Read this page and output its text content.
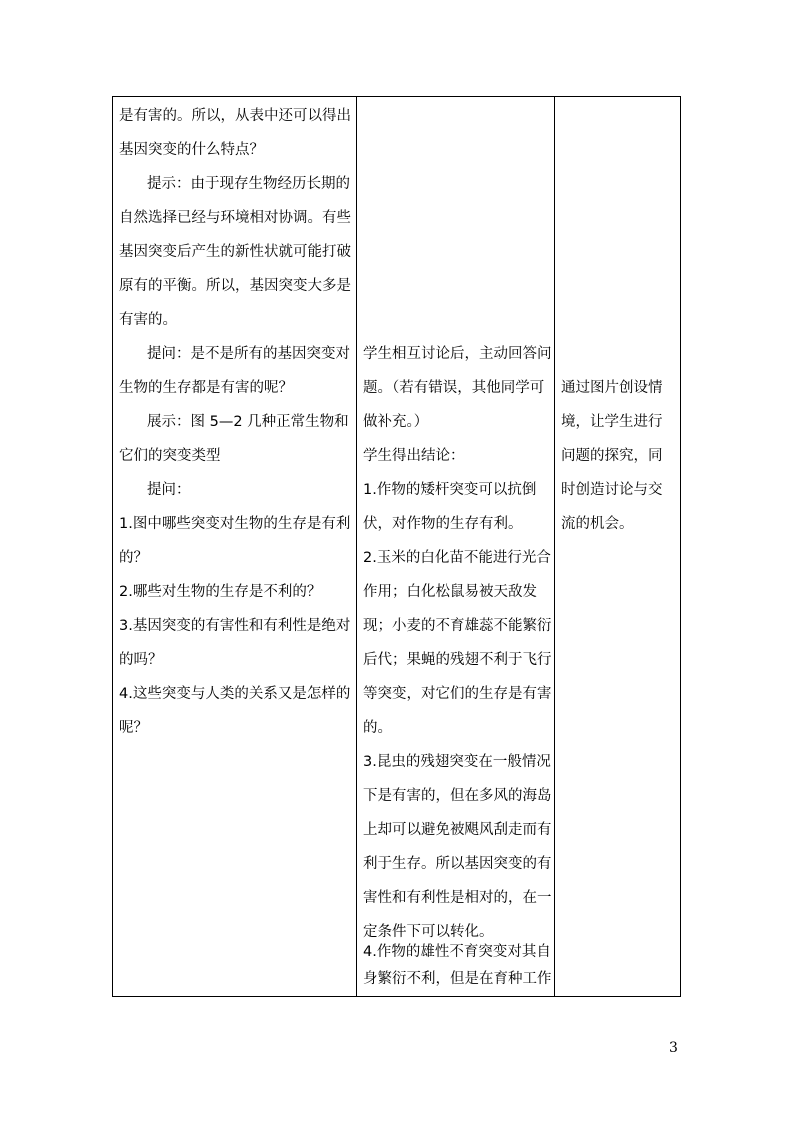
是有害的。所以，从表中还可以得出
基因突变的什么特点？
提示：由于现存生物经历长期的
自然选择已经与环境相对协调。有些
基因突变后产生的新性状就可能打破
原有的平衡。所以，基因突变大多是
有害的。
提问：是不是所有的基因突变对
生物的生存都是有害的呢？
展示：图 5—2 几种正常生物和
它们的突变类型
提问：
1.图中哪些突变对生物的生存是有利
的？
2.哪些对生物的生存是不利的？
3.基因突变的有害性和有利性是绝对
的吗？
4.这些突变与人类的关系又是怎样的
呢？
学生相互讨论后，主动回答问
题。（若有错误，其他同学可
做补充。）
学生得出结论：
1.作物的矮杆突变可以抗倒
伏，对作物的生存有利。
2.玉米的白化苗不能进行光合
作用；白化松鼠易被天敌发
现；小麦的不育雄蕊不能繁衍
后代；果蝇的残翅不利于飞行
等突变，对它们的生存是有害
的。
3.昆虫的残翅突变在一般情况
下是有害的，但在多风的海岛
上却可以避免被飓风刮走而有
利于生存。所以基因突变的有
害性和有利性是相对的，在一
定条件下可以转化。
4.作物的雄性不育突变对其自
身繁衍不利，但是在育种工作
通过图片创设情
境，让学生进行
问题的探究，同
时创造讨论与交
流的机会。
3
